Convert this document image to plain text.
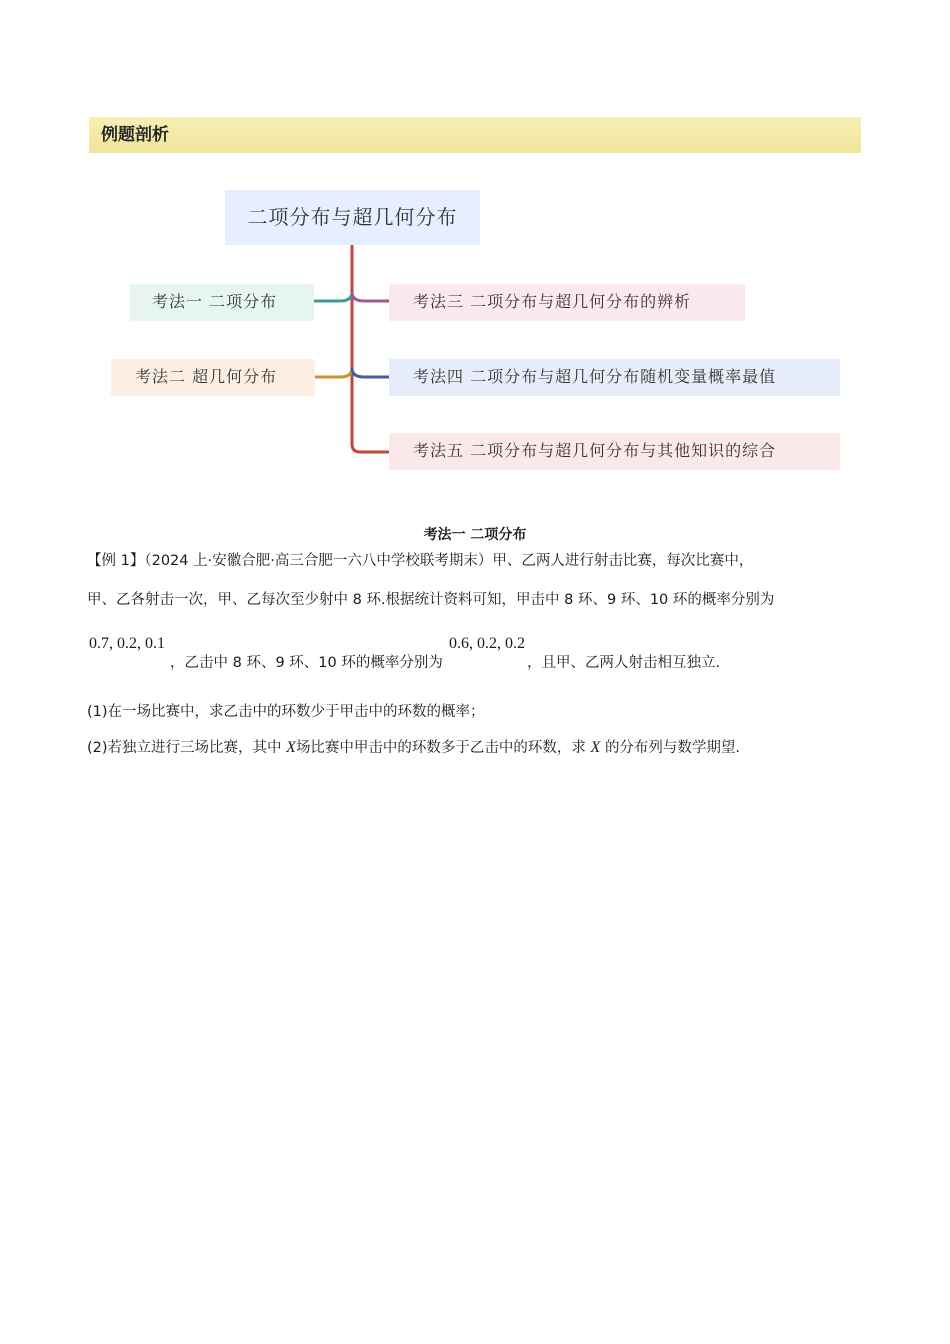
例题剖析
二项分布与超几何分布
考法一 二项分布
考法二 超几何分布
考法三 二项分布与超几何分布的辨析
考法四 二项分布与超几何分布随机变量概率最值
考法五 二项分布与超几何分布与其他知识的综合
考法一 二项分布
【例 1】（2024 上·安徽合肥·高三合肥一六八中学校联考期末）甲、乙两人进行射击比赛，每次比赛中，
甲、乙各射击一次，甲、乙每次至少射中 8 环.根据统计资料可知，甲击中 8 环、9 环、10 环的概率分别为
0.7, 0.2, 0.1
，乙击中 8 环、9 环、10 环的概率分别为
0.6, 0.2, 0.2
，且甲、乙两人射击相互独立.
(1)在一场比赛中，求乙击中的环数少于甲击中的环数的概率；
(2)若独立进行三场比赛，其中 X场比赛中甲击中的环数多于乙击中的环数，求 X 的分布列与数学期望.
